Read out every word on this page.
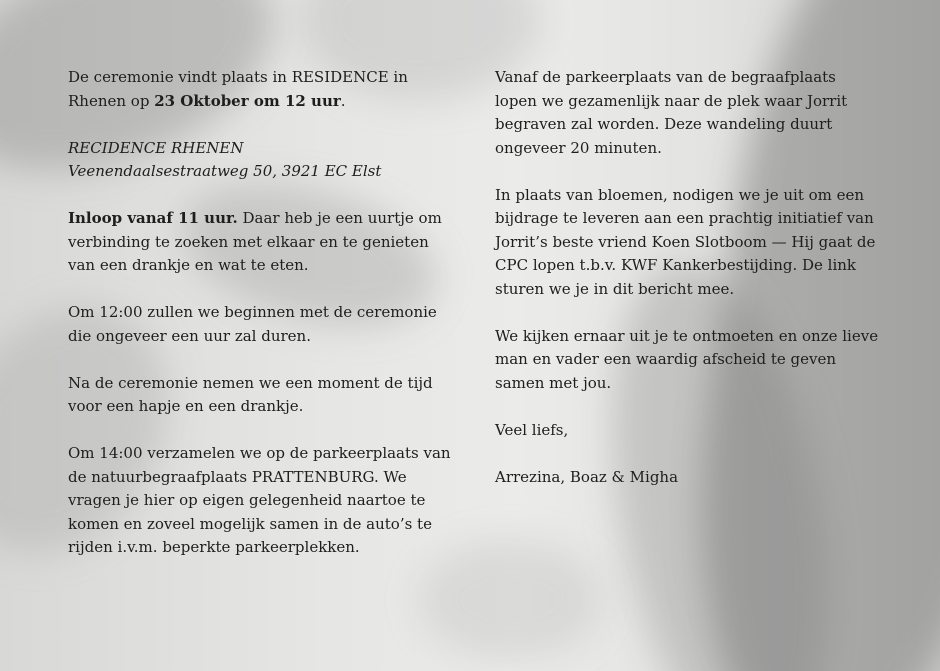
De ceremonie vindt plaats in RESIDENCE in Rhenen op 23 Oktober om 12 uur.

RECIDENCE RHENEN
Veenendaalsestraatweg 50, 3921 EC Elst

Inloop vanaf 11 uur. Daar heb je een uurtje om verbinding te zoeken met elkaar en te genieten van een drankje en wat te eten.

Om 12:00 zullen we beginnen met de ceremonie die ongeveer een uur zal duren.

Na de ceremonie nemen we een moment de tijd voor een hapje en een drankje.

Om 14:00 verzamelen we op de parkeerplaats van de natuurbegraafplaats PRATTENBURG. We vragen je hier op eigen gelegenheid naartoe te komen en zoveel mogelijk samen in de auto’s te rijden i.v.m. beperkte parkeerplekken.

Vanaf de parkeerplaats van de begraafplaats lopen we gezamenlijk naar de plek waar Jorrit begraven zal worden. Deze wandeling duurt ongeveer 20 minuten.

In plaats van bloemen, nodigen we je uit om een bijdrage te leveren aan een prachtig initiatief van Jorrit’s beste vriend Koen Slotboom — Hij gaat de CPC lopen t.b.v. KWF Kankerbestijding. De link sturen we je in dit bericht mee.

We kijken ernaar uit je te ontmoeten en onze lieve man en vader een waardig afscheid te geven samen met jou.

Veel liefs,

Arrezina, Boaz & Migha
